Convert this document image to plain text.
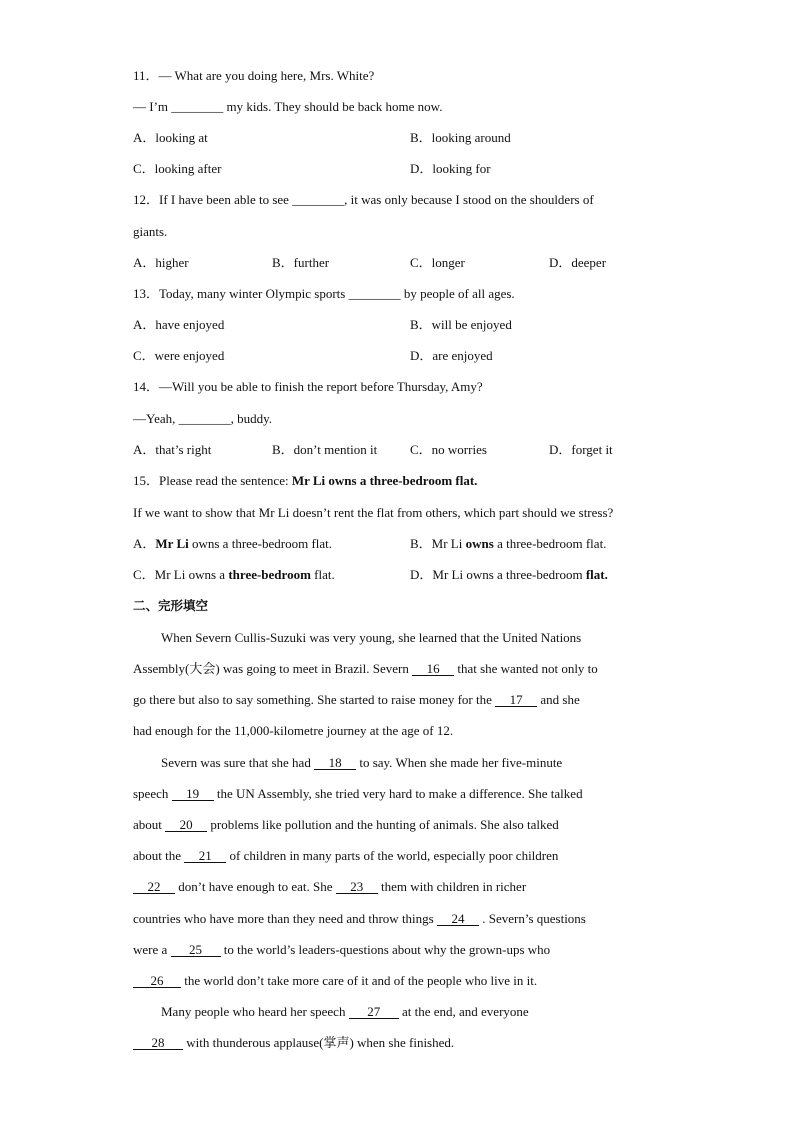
11．— What are you doing here, Mrs. White?
— I’m ________ my kids. They should be back home now.
A．looking at	B．looking around
C．looking after	D．looking for
12．If I have been able to see ________, it was only because I stood on the shoulders of
giants.
A．higher	B．further	C．longer	D．deeper
13．Today, many winter Olympic sports ________ by people of all ages.
A．have enjoyed	B．will be enjoyed
C．were enjoyed	D．are enjoyed
14．—Will you be able to finish the report before Thursday, Amy?
—Yeah, ________, buddy.
A．that’s right	B．don’t mention it	C．no worries	D．forget it
15．Please read the sentence: Mr Li owns a three-bedroom flat.
If we want to show that Mr Li doesn’t rent the flat from others, which part should we stress?
A．Mr Li owns a three-bedroom flat.	B．Mr Li owns a three-bedroom flat.
C．Mr Li owns a three-bedroom flat.	D．Mr Li owns a three-bedroom flat.
二、完形填空
When Severn Cullis-Suzuki was very young, she learned that the United Nations
Assembly(大会) was going to meet in Brazil. Severn 16 that she wanted not only to
go there but also to say something. She started to raise money for the 17 and she
had enough for the 11,000-kilometre journey at the age of 12.
Severn was sure that she had 18 to say. When she made her five-minute
speech 19 the UN Assembly, she tried very hard to make a difference. She talked
about 20 problems like pollution and the hunting of animals. She also talked
about the 21 of children in many parts of the world, especially poor children
22 don’t have enough to eat. She 23 them with children in richer
countries who have more than they need and throw things 24 . Severn’s questions
were a 25 to the world’s leaders-questions about why the grown-ups who
26 the world don’t take more care of it and of the people who live in it.
Many people who heard her speech 27 at the end, and everyone
28 with thunderous applause(掌声) when she finished.
